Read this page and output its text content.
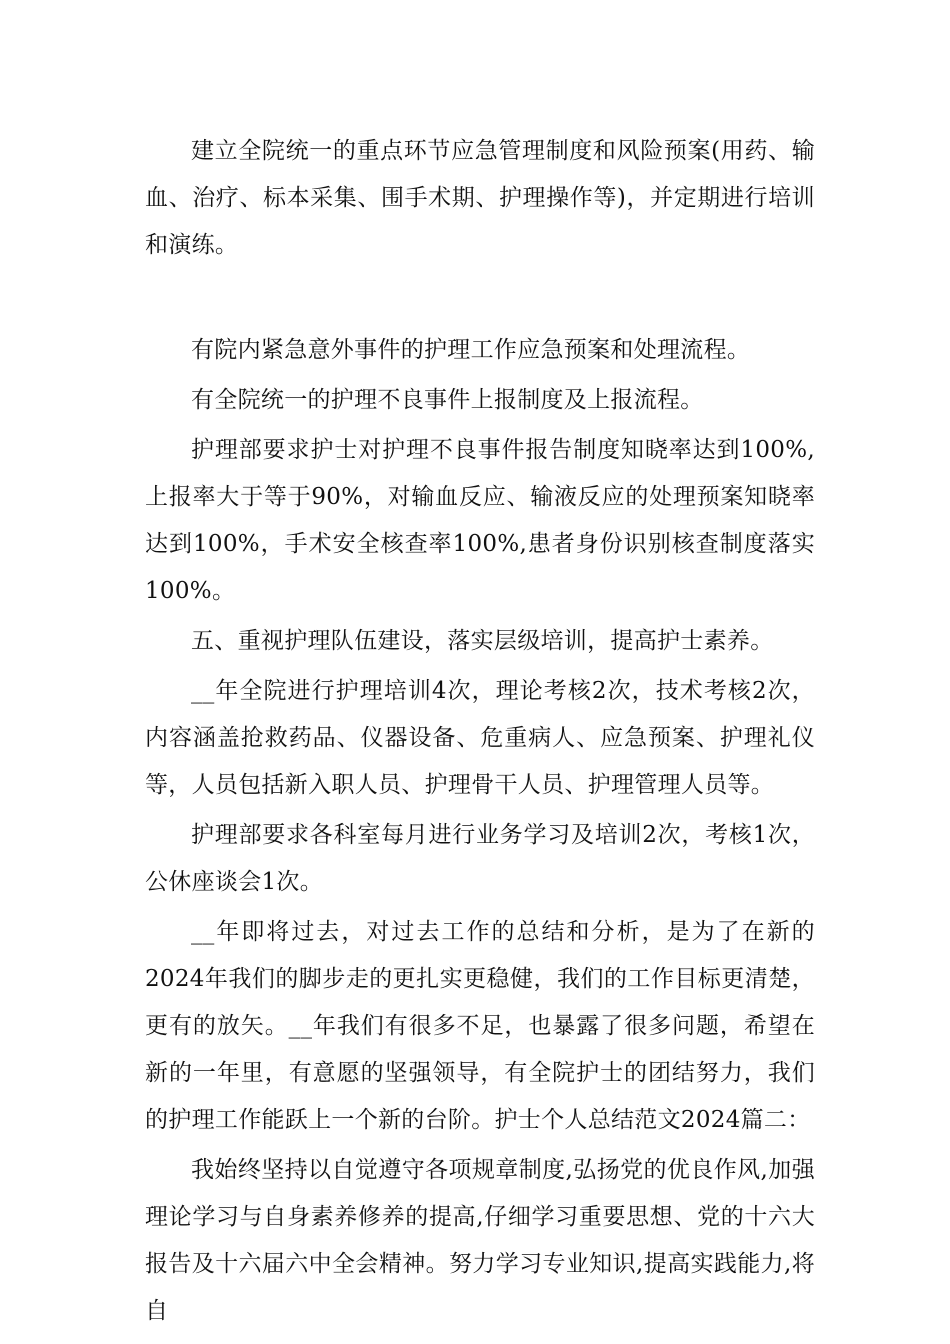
建立全院统一的重点环节应急管理制度和风险预案(用药、输血、治疗、标本采集、围手术期、护理操作等)，并定期进行培训和演练。

有院内紧急意外事件的护理工作应急预案和处理流程。

有全院统一的护理不良事件上报制度及上报流程。

护理部要求护士对护理不良事件报告制度知晓率达到100%,上报率大于等于90%，对输血反应、输液反应的处理预案知晓率达到100%，手术安全核查率100%,患者身份识别核查制度落实100%。

五、重视护理队伍建设，落实层级培训，提高护士素养。

__年全院进行护理培训4次，理论考核2次，技术考核2次，内容涵盖抢救药品、仪器设备、危重病人、应急预案、护理礼仪等，人员包括新入职人员、护理骨干人员、护理管理人员等。

护理部要求各科室每月进行业务学习及培训2次，考核1次，公休座谈会1次。

__年即将过去，对过去工作的总结和分析，是为了在新的2024年我们的脚步走的更扎实更稳健，我们的工作目标更清楚，更有的放矢。__年我们有很多不足，也暴露了很多问题，希望在新的一年里，有意愿的坚强领导，有全院护士的团结努力，我们的护理工作能跃上一个新的台阶。护士个人总结范文2024篇二：

我始终坚持以自觉遵守各项规章制度,弘扬党的优良作风,加强理论学习与自身素养修养的提高,仔细学习重要思想、党的十六大报告及十六届六中全会精神。努力学习专业知识,提高实践能力,将自
